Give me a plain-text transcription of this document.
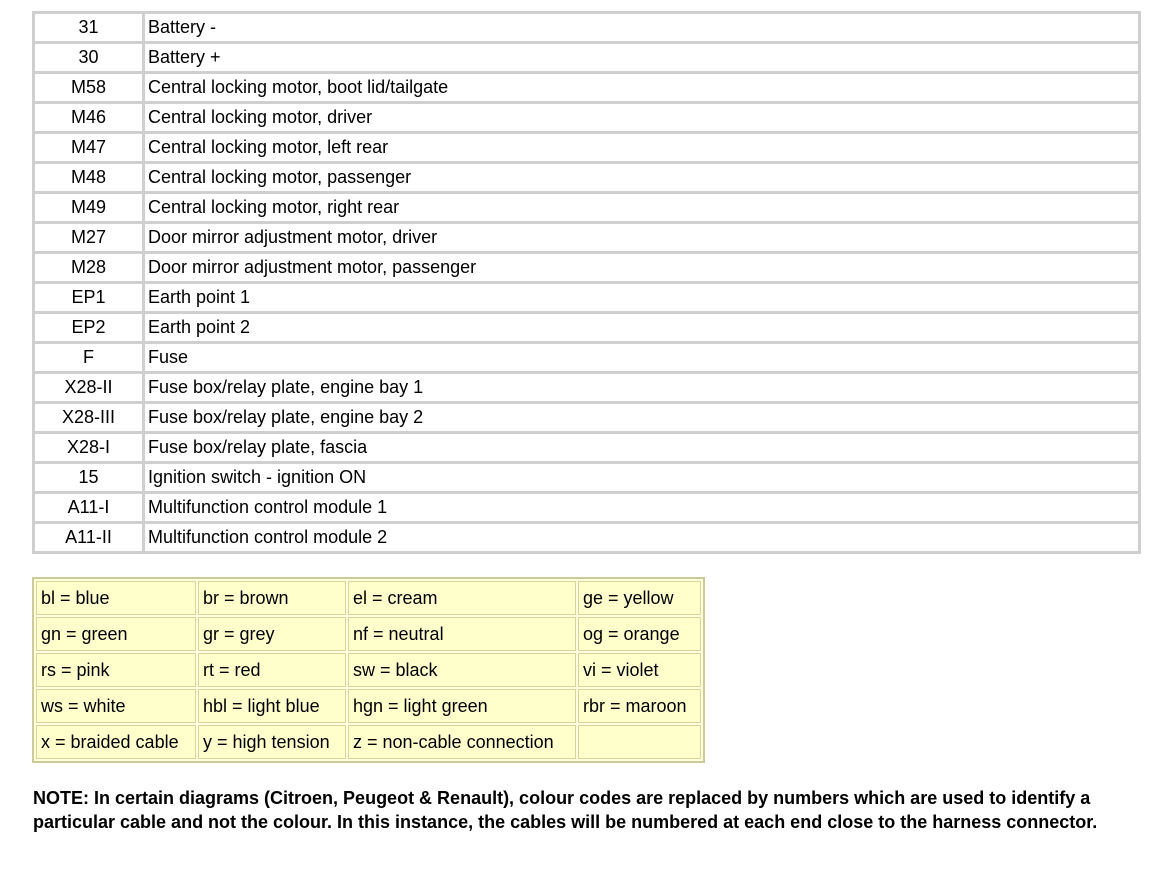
31	Battery -
30	Battery +
M58	Central locking motor, boot lid/tailgate
M46	Central locking motor, driver
M47	Central locking motor, left rear
M48	Central locking motor, passenger
M49	Central locking motor, right rear
M27	Door mirror adjustment motor, driver
M28	Door mirror adjustment motor, passenger
EP1	Earth point 1
EP2	Earth point 2
F	Fuse
X28-II	Fuse box/relay plate, engine bay 1
X28-III	Fuse box/relay plate, engine bay 2
X28-I	Fuse box/relay plate, fascia
15	Ignition switch - ignition ON
A11-I	Multifunction control module 1
A11-II	Multifunction control module 2
bl = blue	br = brown	el = cream	ge = yellow
gn = green	gr = grey	nf = neutral	og = orange
rs = pink	rt = red	sw = black	vi = violet
ws = white	hbl = light blue	hgn = light green	rbr = maroon
x = braided cable	y = high tension	z = non-cable connection	

NOTE: In certain diagrams (Citroen, Peugeot & Renault), colour codes are replaced by numbers which are used to identify a particular cable and not the colour. In this instance, the cables will be numbered at each end close to the harness connector.
